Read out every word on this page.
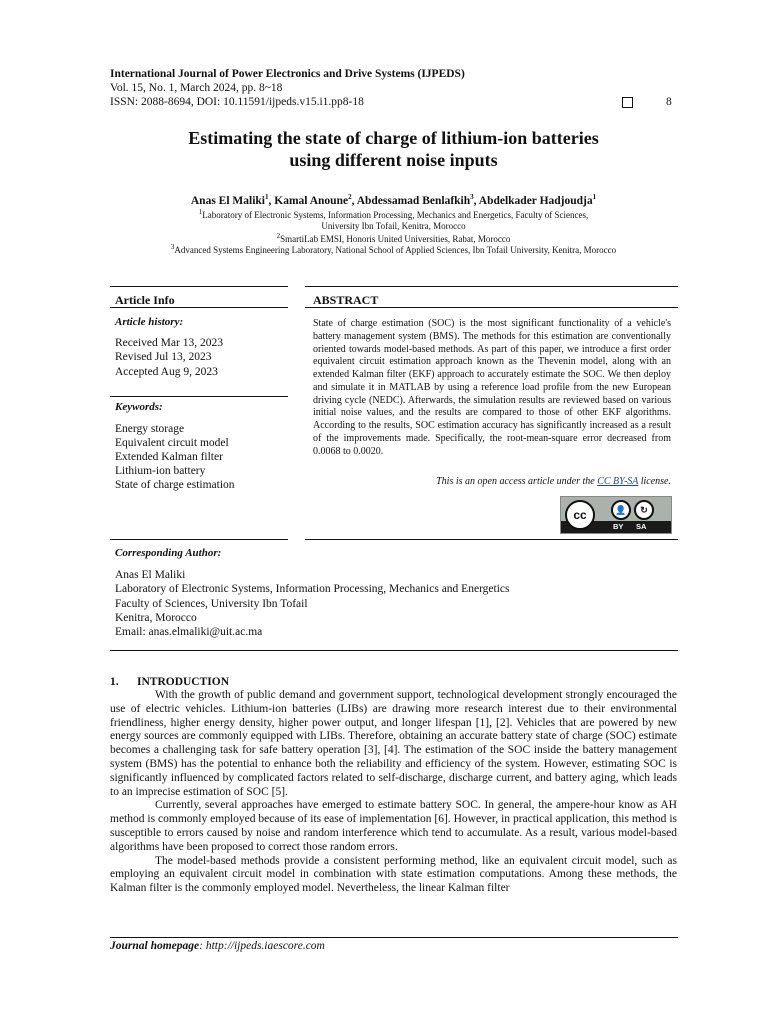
International Journal of Power Electronics and Drive Systems (IJPEDS)
Vol. 15, No. 1, March 2024, pp. 8~18
ISSN: 2088-8694, DOI: 10.11591/ijpeds.v15.i1.pp8-18	8
Estimating the state of charge of lithium-ion batteries
using different noise inputs
Anas El Maliki$^1$, Kamal Anoune$^2$, Abdessamad Benlafkih$^3$, Abdelkader Hadjoudja$^1$
$^1$Laboratory of Electronic Systems, Information Processing, Mechanics and Energetics, Faculty of Sciences,
University Ibn Tofail, Kenitra, Morocco
$^2$SmartiLab EMSI, Honoris United Universities, Rabat, Morocco
$^3$Advanced Systems Engineering Laboratory, National School of Applied Sciences, Ibn Tofail University, Kenitra, Morocco
Article Info
Article history:
Received Mar 13, 2023
Revised Jul 13, 2023
Accepted Aug 9, 2023
Keywords:
Energy storage
Equivalent circuit model
Extended Kalman filter
Lithium-ion battery
State of charge estimation
ABSTRACT
State of charge estimation (SOC) is the most significant functionality of a vehicle's battery management system (BMS). The methods for this estimation are conventionally oriented towards model-based methods. As part of this paper, we introduce a first order equivalent circuit estimation approach known as the Thevenin model, along with an extended Kalman filter (EKF) approach to accurately estimate the SOC. We then deploy and simulate it in MATLAB by using a reference load profile from the new European driving cycle (NEDC). Afterwards, the simulation results are reviewed based on various initial noise values, and the results are compared to those of other EKF algorithms. According to the results, SOC estimation accuracy has significantly increased as a result of the improvements made. Specifically, the root-mean-square error decreased from 0.0068 to 0.0020.
This is an open access article under the CC BY-SA license.
cc	👤	↻
BY SA
Corresponding Author:
Anas El Maliki
Laboratory of Electronic Systems, Information Processing, Mechanics and Energetics
Faculty of Sciences, University Ibn Tofail
Kenitra, Morocco
Email: anas.elmaliki@uit.ac.ma
1. INTRODUCTION

With the growth of public demand and government support, technological development strongly encouraged the use of electric vehicles. Lithium-ion batteries (LIBs) are drawing more research interest due to their environmental friendliness, higher energy density, higher power output, and longer lifespan [1], [2]. Vehicles that are powered by new energy sources are commonly equipped with LIBs. Therefore, obtaining an accurate battery state of charge (SOC) estimate becomes a challenging task for safe battery operation [3], [4]. The estimation of the SOC inside the battery management system (BMS) has the potential to enhance both the reliability and efficiency of the system. However, estimating SOC is significantly influenced by complicated factors related to self-discharge, discharge current, and battery aging, which leads to an imprecise estimation of SOC [5].

Currently, several approaches have emerged to estimate battery SOC. In general, the ampere-hour know as AH method is commonly employed because of its ease of implementation [6]. However, in practical application, this method is susceptible to errors caused by noise and random interference which tend to accumulate. As a result, various model-based algorithms have been proposed to correct those random errors.

The model-based methods provide a consistent performing method, like an equivalent circuit model, such as employing an equivalent circuit model in combination with state estimation computations. Among these methods, the Kalman filter is the commonly employed model. Nevertheless, the linear Kalman filter

Journal homepage: http://ijpeds.iaescore.com
